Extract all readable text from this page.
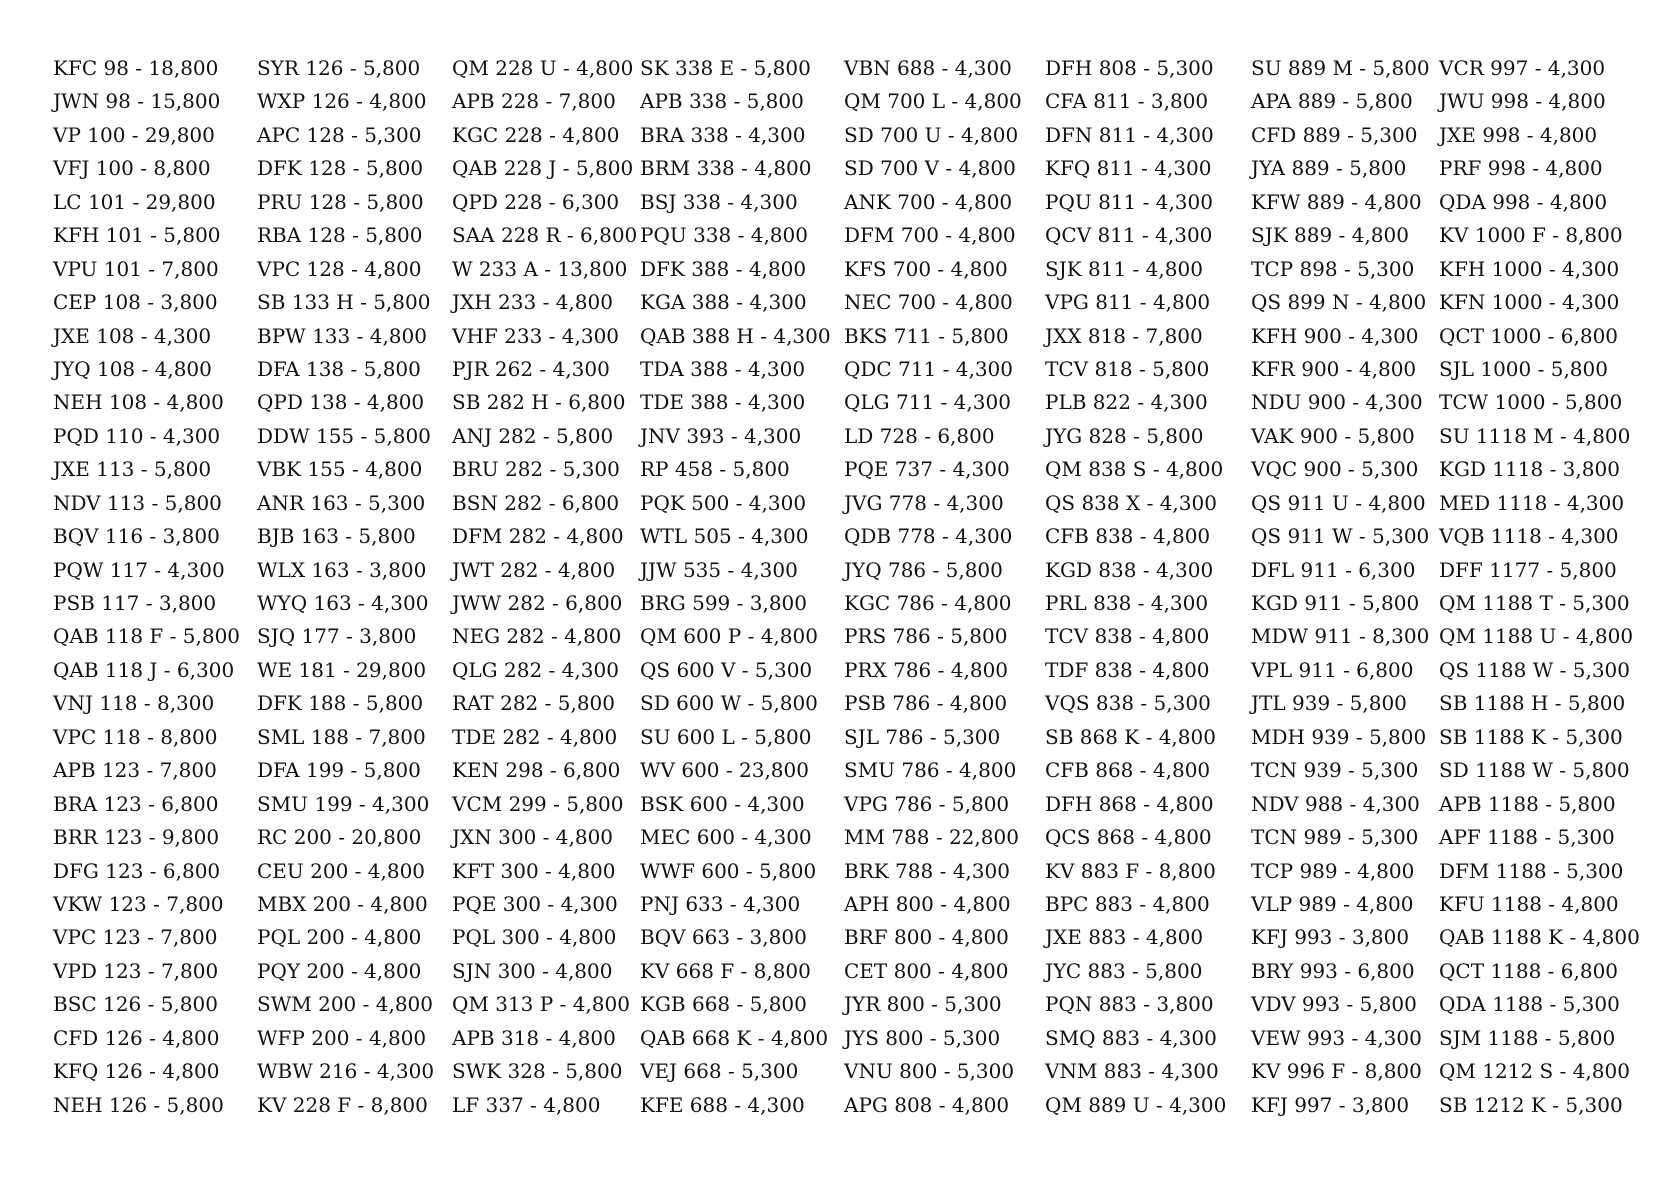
KFC 98 - 18,800
JWN 98 - 15,800
VP 100 - 29,800
VFJ 100 - 8,800
LC 101 - 29,800
KFH 101 - 5,800
VPU 101 - 7,800
CEP 108 - 3,800
JXE 108 - 4,300
JYQ 108 - 4,800
NEH 108 - 4,800
PQD 110 - 4,300
JXE 113 - 5,800
NDV 113 - 5,800
BQV 116 - 3,800
PQW 117 - 4,300
PSB 117 - 3,800
QAB 118 F - 5,800
QAB 118 J - 6,300
VNJ 118 - 8,300
VPC 118 - 8,800
APB 123 - 7,800
BRA 123 - 6,800
BRR 123 - 9,800
DFG 123 - 6,800
VKW 123 - 7,800
VPC 123 - 7,800
VPD 123 - 7,800
BSC 126 - 5,800
CFD 126 - 4,800
KFQ 126 - 4,800
NEH 126 - 5,800
SYR 126 - 5,800
WXP 126 - 4,800
APC 128 - 5,300
DFK 128 - 5,800
PRU 128 - 5,800
RBA 128 - 5,800
VPC 128 - 4,800
SB 133 H - 5,800
BPW 133 - 4,800
DFA 138 - 5,800
QPD 138 - 4,800
DDW 155 - 5,800
VBK 155 - 4,800
ANR 163 - 5,300
BJB 163 - 5,800
WLX 163 - 3,800
WYQ 163 - 4,300
SJQ 177 - 3,800
WE 181 - 29,800
DFK 188 - 5,800
SML 188 - 7,800
DFA 199 - 5,800
SMU 199 - 4,300
RC 200 - 20,800
CEU 200 - 4,800
MBX 200 - 4,800
PQL 200 - 4,800
PQY 200 - 4,800
SWM 200 - 4,800
WFP 200 - 4,800
WBW 216 - 4,300
KV 228 F - 8,800
QM 228 U - 4,800
APB 228 - 7,800
KGC 228 - 4,800
QAB 228 J - 5,800
QPD 228 - 6,300
SAA 228 R - 6,800
W 233 A - 13,800
JXH 233 - 4,800
VHF 233 - 4,300
PJR 262 - 4,300
SB 282 H - 6,800
ANJ 282 - 5,800
BRU 282 - 5,300
BSN 282 - 6,800
DFM 282 - 4,800
JWT 282 - 4,800
JWW 282 - 6,800
NEG 282 - 4,800
QLG 282 - 4,300
RAT 282 - 5,800
TDE 282 - 4,800
KEN 298 - 6,800
VCM 299 - 5,800
JXN 300 - 4,800
KFT 300 - 4,800
PQE 300 - 4,300
PQL 300 - 4,800
SJN 300 - 4,800
QM 313 P - 4,800
APB 318 - 4,800
SWK 328 - 5,800
LF 337 - 4,800
SK 338 E - 5,800
APB 338 - 5,800
BRA 338 - 4,300
BRM 338 - 4,800
BSJ 338 - 4,300
PQU 338 - 4,800
DFK 388 - 4,800
KGA 388 - 4,300
QAB 388 H - 4,300
TDA 388 - 4,300
TDE 388 - 4,300
JNV 393 - 4,300
RP 458 - 5,800
PQK 500 - 4,300
WTL 505 - 4,300
JJW 535 - 4,300
BRG 599 - 3,800
QM 600 P - 4,800
QS 600 V - 5,300
SD 600 W - 5,800
SU 600 L - 5,800
WV 600 - 23,800
BSK 600 - 4,300
MEC 600 - 4,300
WWF 600 - 5,800
PNJ 633 - 4,300
BQV 663 - 3,800
KV 668 F - 8,800
KGB 668 - 5,800
QAB 668 K - 4,800
VEJ 668 - 5,300
KFE 688 - 4,300
VBN 688 - 4,300
QM 700 L - 4,800
SD 700 U - 4,800
SD 700 V - 4,800
ANK 700 - 4,800
DFM 700 - 4,800
KFS 700 - 4,800
NEC 700 - 4,800
BKS 711 - 5,800
QDC 711 - 4,300
QLG 711 - 4,300
LD 728 - 6,800
PQE 737 - 4,300
JVG 778 - 4,300
QDB 778 - 4,300
JYQ 786 - 5,800
KGC 786 - 4,800
PRS 786 - 5,800
PRX 786 - 4,800
PSB 786 - 4,800
SJL 786 - 5,300
SMU 786 - 4,800
VPG 786 - 5,800
MM 788 - 22,800
BRK 788 - 4,300
APH 800 - 4,800
BRF 800 - 4,800
CET 800 - 4,800
JYR 800 - 5,300
JYS 800 - 5,300
VNU 800 - 5,300
APG 808 - 4,800
DFH 808 - 5,300
CFA 811 - 3,800
DFN 811 - 4,300
KFQ 811 - 4,300
PQU 811 - 4,300
QCV 811 - 4,300
SJK 811 - 4,800
VPG 811 - 4,800
JXX 818 - 7,800
TCV 818 - 5,800
PLB 822 - 4,300
JYG 828 - 5,800
QM 838 S - 4,800
QS 838 X - 4,300
CFB 838 - 4,800
KGD 838 - 4,300
PRL 838 - 4,300
TCV 838 - 4,800
TDF 838 - 4,800
VQS 838 - 5,300
SB 868 K - 4,800
CFB 868 - 4,800
DFH 868 - 4,800
QCS 868 - 4,800
KV 883 F - 8,800
BPC 883 - 4,800
JXE 883 - 4,800
JYC 883 - 5,800
PQN 883 - 3,800
SMQ 883 - 4,300
VNM 883 - 4,300
QM 889 U - 4,300
SU 889 M - 5,800
APA 889 - 5,800
CFD 889 - 5,300
JYA 889 - 5,800
KFW 889 - 4,800
SJK 889 - 4,800
TCP 898 - 5,300
QS 899 N - 4,800
KFH 900 - 4,300
KFR 900 - 4,800
NDU 900 - 4,300
VAK 900 - 5,800
VQC 900 - 5,300
QS 911 U - 4,800
QS 911 W - 5,300
DFL 911 - 6,300
KGD 911 - 5,800
MDW 911 - 8,300
VPL 911 - 6,800
JTL 939 - 5,800
MDH 939 - 5,800
TCN 939 - 5,300
NDV 988 - 4,300
TCN 989 - 5,300
TCP 989 - 4,800
VLP 989 - 4,800
KFJ 993 - 3,800
BRY 993 - 6,800
VDV 993 - 5,800
VEW 993 - 4,300
KV 996 F - 8,800
KFJ 997 - 3,800
VCR 997 - 4,300
JWU 998 - 4,800
JXE 998 - 4,800
PRF 998 - 4,800
QDA 998 - 4,800
KV 1000 F - 8,800
KFH 1000 - 4,300
KFN 1000 - 4,300
QCT 1000 - 6,800
SJL 1000 - 5,800
TCW 1000 - 5,800
SU 1118 M - 4,800
KGD 1118 - 3,800
MED 1118 - 4,300
VQB 1118 - 4,300
DFF 1177 - 5,800
QM 1188 T - 5,300
QM 1188 U - 4,800
QS 1188 W - 5,300
SB 1188 H - 5,800
SB 1188 K - 5,300
SD 1188 W - 5,800
APB 1188 - 5,800
APF 1188 - 5,300
DFM 1188 - 5,300
KFU 1188 - 4,800
QAB 1188 K - 4,800
QCT 1188 - 6,800
QDA 1188 - 5,300
SJM 1188 - 5,800
QM 1212 S - 4,800
SB 1212 K - 5,300
